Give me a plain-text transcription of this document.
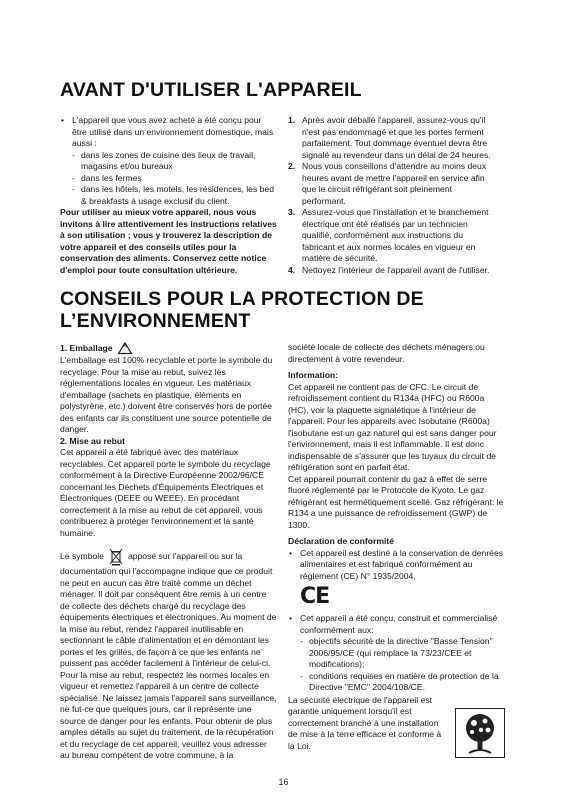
AVANT D'UTILISER L'APPAREIL
• L'appareil que vous avez acheté a été conçu pour être utilisé dans un environnement domestique, mais aussi :
- dans les zones de cuisine des lieux de travail, magasins et/ou bureaux
- dans les fermes
- dans les hôtels, les motels, les résidences, les bed & breakfasts à usage exclusif du client.

Pour utiliser au mieux votre appareil, nous vous invitons à lire attentivement les instructions relatives à son utilisation ; vous y trouverez la description de votre appareil et des conseils utiles pour la conservation des aliments. Conservez cette notice d'emploi pour toute consultation ultérieure.

1. Après avoir déballé l'appareil, assurez-vous qu'il n'est pas endommagé et que les portes ferment parfaitement. Tout dommage éventuel devra être signalé au revendeur dans un délai de 24 heures.
2. Nous vous conseillons d'attendre au moins deux heures avant de mettre l'appareil en service afin que le circuit réfrigérant soit pleinement performant.
3. Assurez-vous que l'installation et le branchement électrique ont été réalisés par un technicien qualifié, conformément aux instructions du fabricant et aux normes locales en vigueur en matière de sécurité.
4. Nettoyez l'intérieur de l'appareil avant de l'utiliser.
CONSEILS POUR LA PROTECTION DE
L’ENVIRONNEMENT

1. Emballage

L'emballage est 100% recyclable et porte le symbole du recyclage. Pour la mise au rebut, suivez les réglementations locales en vigueur. Les matériaux d'emballage (sachets en plastique, éléments en polystyrène, etc.) doivent être conservés hors de portée des enfants car ils constituent une source potentielle de danger.

2. Mise au rebut

Cet appareil a été fabriqué avec des matériaux recyclables. Cet appareil porte le symbole du recyclage conformément à la Directive Européenne 2002/96/CE concernant les Déchets d'Équipements Électriques et Électroniques (DEEE ou WEEE). En procédant correctement à la mise au rebut de cet appareil, vous contribuerez à protéger l'environnement et la santé humaine.

Le symbole	apposé sur l'appareil ou sur la

documentation qui l'accompagne indique que ce produit ne peut en aucun cas être traité comme un déchet ménager. Il doit par conséquent être remis à un centre de collecte des déchets chargé du recyclage des équipements électriques et électroniques. Au moment de la mise au rebut, rendez l'appareil inutilisable en sectionnant le câble d'alimentation et en démontant les portes et les grilles, de façon à ce que les enfants ne puissent pas accéder facilement à l'intérieur de celui-ci. Pour la mise au rebut, respectez les normes locales en vigueur et remettez l'appareil à un centre de collecte spécialisé. Ne laissez jamais l'appareil sans surveillance, ne fut-ce que quelques jours, car il représente une source de danger pour les enfants. Pour obtenir de plus amples détails au sujet du traitement, de la récupération et du recyclage de cet appareil, veuillez vous adresser au bureau compétent de votre commune, à la

société locale de collecte des déchets ménagers ou directement à votre revendeur.

Information:

Cet appareil ne contient pas de CFC. Le circuit de refroidissement contient du R134a (HFC) ou R600a (HC), voir la plaquette signalétique à l'intérieur de l'appareil. Pour les appareils avec Isobutane (R600a) l'isobutane est un gaz naturel qui est sans danger pour l'environnement, mais il est inflammable. Il est donc indispensable de s'assurer que les tuyaux du circuit de réfrigération sont en parfait état.

Cet appareil pourrait contenir du gaz à effet de serre fluoré réglementé par le Protocole de Kyoto. Le gaz réfrigérant est hermétiquement scellé. Gaz réfrigérant: le R134 a une puissance de refroidissement (GWP) de 1300.

Déclaration de conformité

• Cet appareil est destiné à la conservation de denrées alimentaires et est fabriqué conformément au règlement (CE) N° 1935/2004.
CE
• Cet appareil a été conçu, construit et commercialisé conformément aux:
- objectifs sécurité de la directive "Basse Tension" 2006/95/CE (qui remplace la 73/23/CEE et modifications);
- conditions requises en matière de protection de la Directive "EMC" 2004/108/CE.

La sécurité électrique de l'appareil est garantie uniquement lorsqu'il est correctement branché à une installation de mise à la terre efficace et conforme à la Loi.

16
